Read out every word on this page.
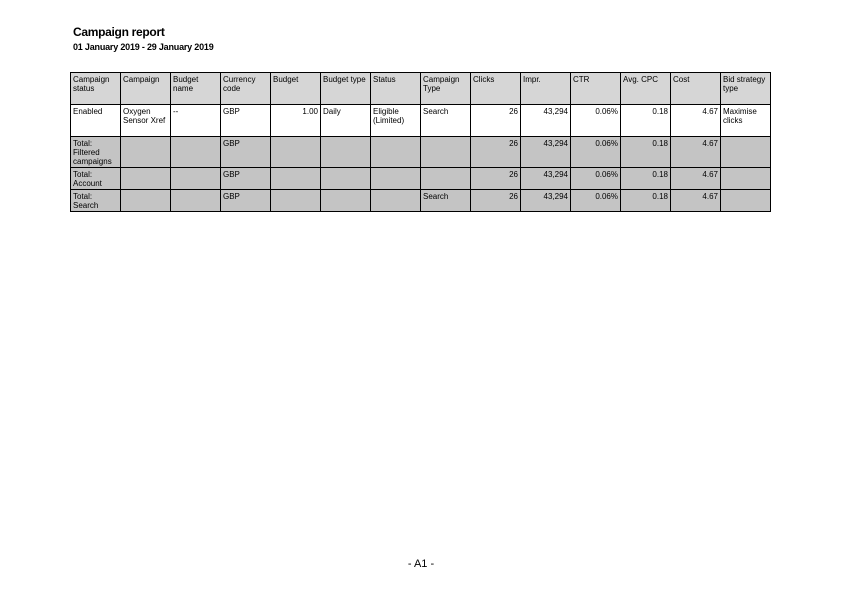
Campaign report
01 January 2019 - 29 January 2019
Campaign status	Campaign	Budget name	Currency code	Budget	Budget type	Status	Campaign Type	Clicks	Impr.	CTR	Avg. CPC	Cost	Bid strategy type
Enabled	Oxygen Sensor Xref	--	GBP	1.00	Daily	Eligible (Limited)	Search	26	43,294	0.06%	0.18	4.67	Maximise clicks
Total: Filtered campaigns			GBP					26	43,294	0.06%	0.18	4.67	
Total: Account			GBP					26	43,294	0.06%	0.18	4.67	
Total: Search			GBP				Search	26	43,294	0.06%	0.18	4.67	
- A1 -
